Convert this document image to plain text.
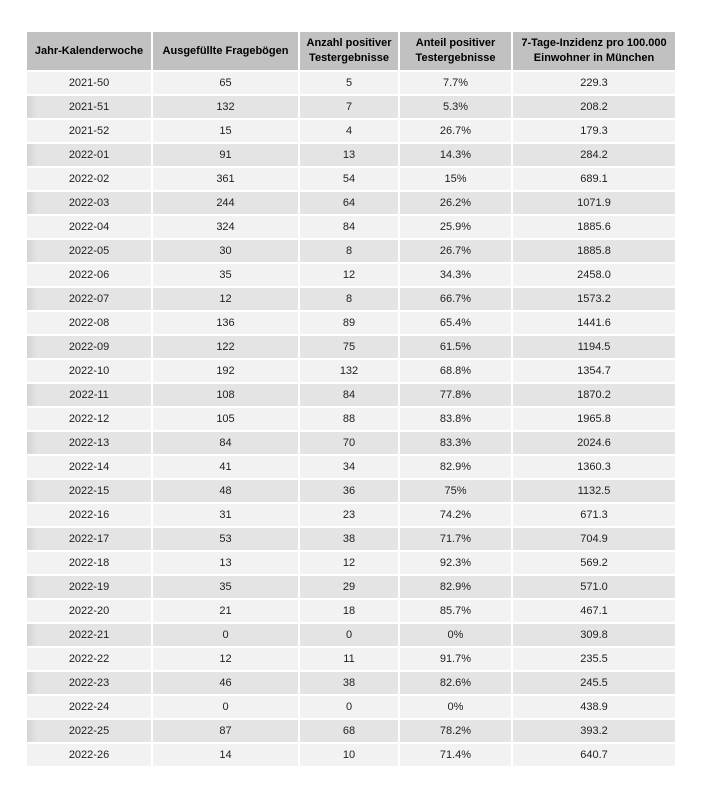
Jahr-Kalenderwoche	Ausgefüllte Fragebögen	Anzahl positiver Testergebnisse	Anteil positiver Testergebnisse	7-Tage-Inzidenz pro 100.000 Einwohner in München
2021-50	65	5	7.7%	229.3
2021-51	132	7	5.3%	208.2
2021-52	15	4	26.7%	179.3
2022-01	91	13	14.3%	284.2
2022-02	361	54	15%	689.1
2022-03	244	64	26.2%	1071.9
2022-04	324	84	25.9%	1885.6
2022-05	30	8	26.7%	1885.8
2022-06	35	12	34.3%	2458.0
2022-07	12	8	66.7%	1573.2
2022-08	136	89	65.4%	1441.6
2022-09	122	75	61.5%	1194.5
2022-10	192	132	68.8%	1354.7
2022-11	108	84	77.8%	1870.2
2022-12	105	88	83.8%	1965.8
2022-13	84	70	83.3%	2024.6
2022-14	41	34	82.9%	1360.3
2022-15	48	36	75%	1132.5
2022-16	31	23	74.2%	671.3
2022-17	53	38	71.7%	704.9
2022-18	13	12	92.3%	569.2
2022-19	35	29	82.9%	571.0
2022-20	21	18	85.7%	467.1
2022-21	0	0	0%	309.8
2022-22	12	11	91.7%	235.5
2022-23	46	38	82.6%	245.5
2022-24	0	0	0%	438.9
2022-25	87	68	78.2%	393.2
2022-26	14	10	71.4%	640.7
